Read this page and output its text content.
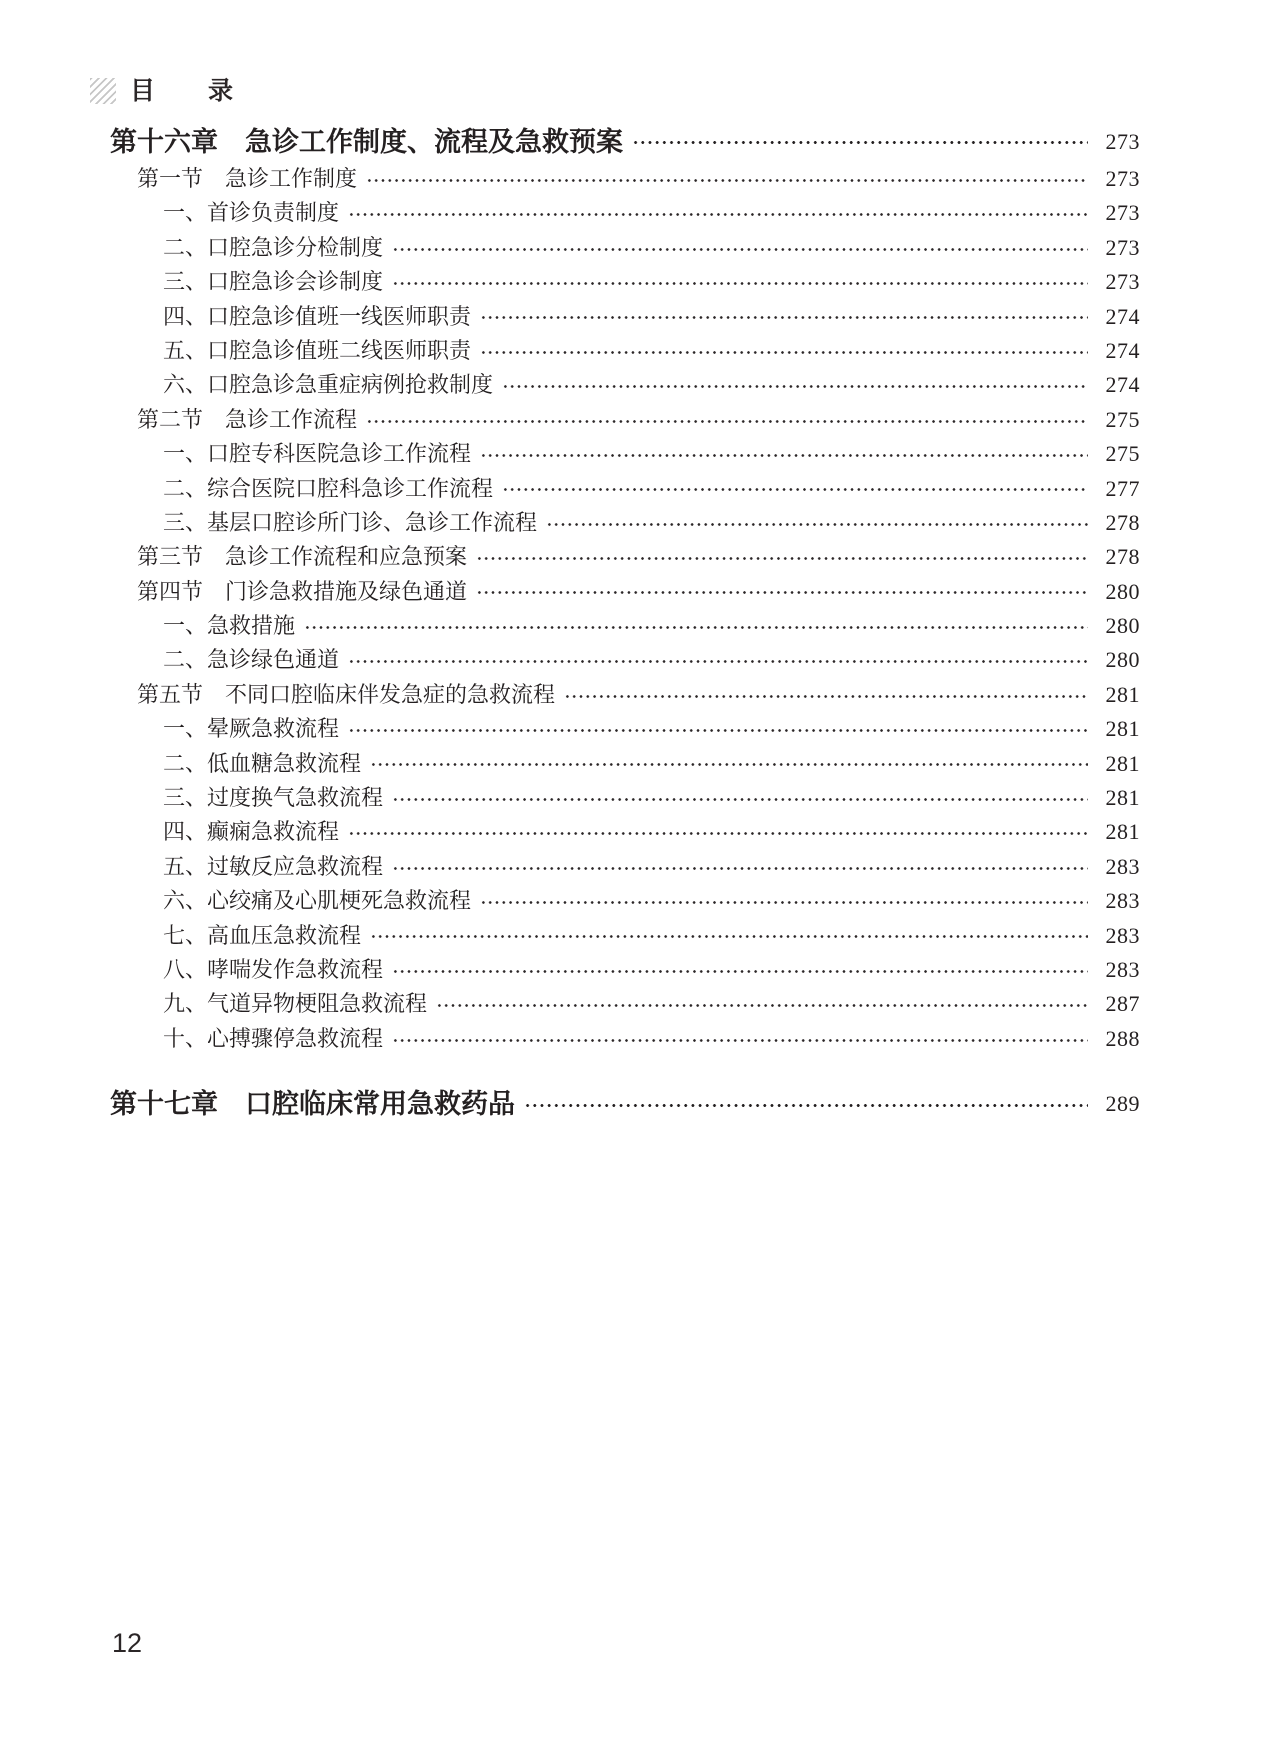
目　　录
第十六章　急诊工作制度、流程及急救预案	273
第一节　急诊工作制度	273
一、首诊负责制度	273
二、口腔急诊分检制度	273
三、口腔急诊会诊制度	273
四、口腔急诊值班一线医师职责	274
五、口腔急诊值班二线医师职责	274
六、口腔急诊急重症病例抢救制度	274
第二节　急诊工作流程	275
一、口腔专科医院急诊工作流程	275
二、综合医院口腔科急诊工作流程	277
三、基层口腔诊所门诊、急诊工作流程	278
第三节　急诊工作流程和应急预案	278
第四节　门诊急救措施及绿色通道	280
一、急救措施	280
二、急诊绿色通道	280
第五节　不同口腔临床伴发急症的急救流程	281
一、晕厥急救流程	281
二、低血糖急救流程	281
三、过度换气急救流程	281
四、癫痫急救流程	281
五、过敏反应急救流程	283
六、心绞痛及心肌梗死急救流程	283
七、高血压急救流程	283
八、哮喘发作急救流程	283
九、气道异物梗阻急救流程	287
十、心搏骤停急救流程	288
第十七章　口腔临床常用急救药品	289
12
